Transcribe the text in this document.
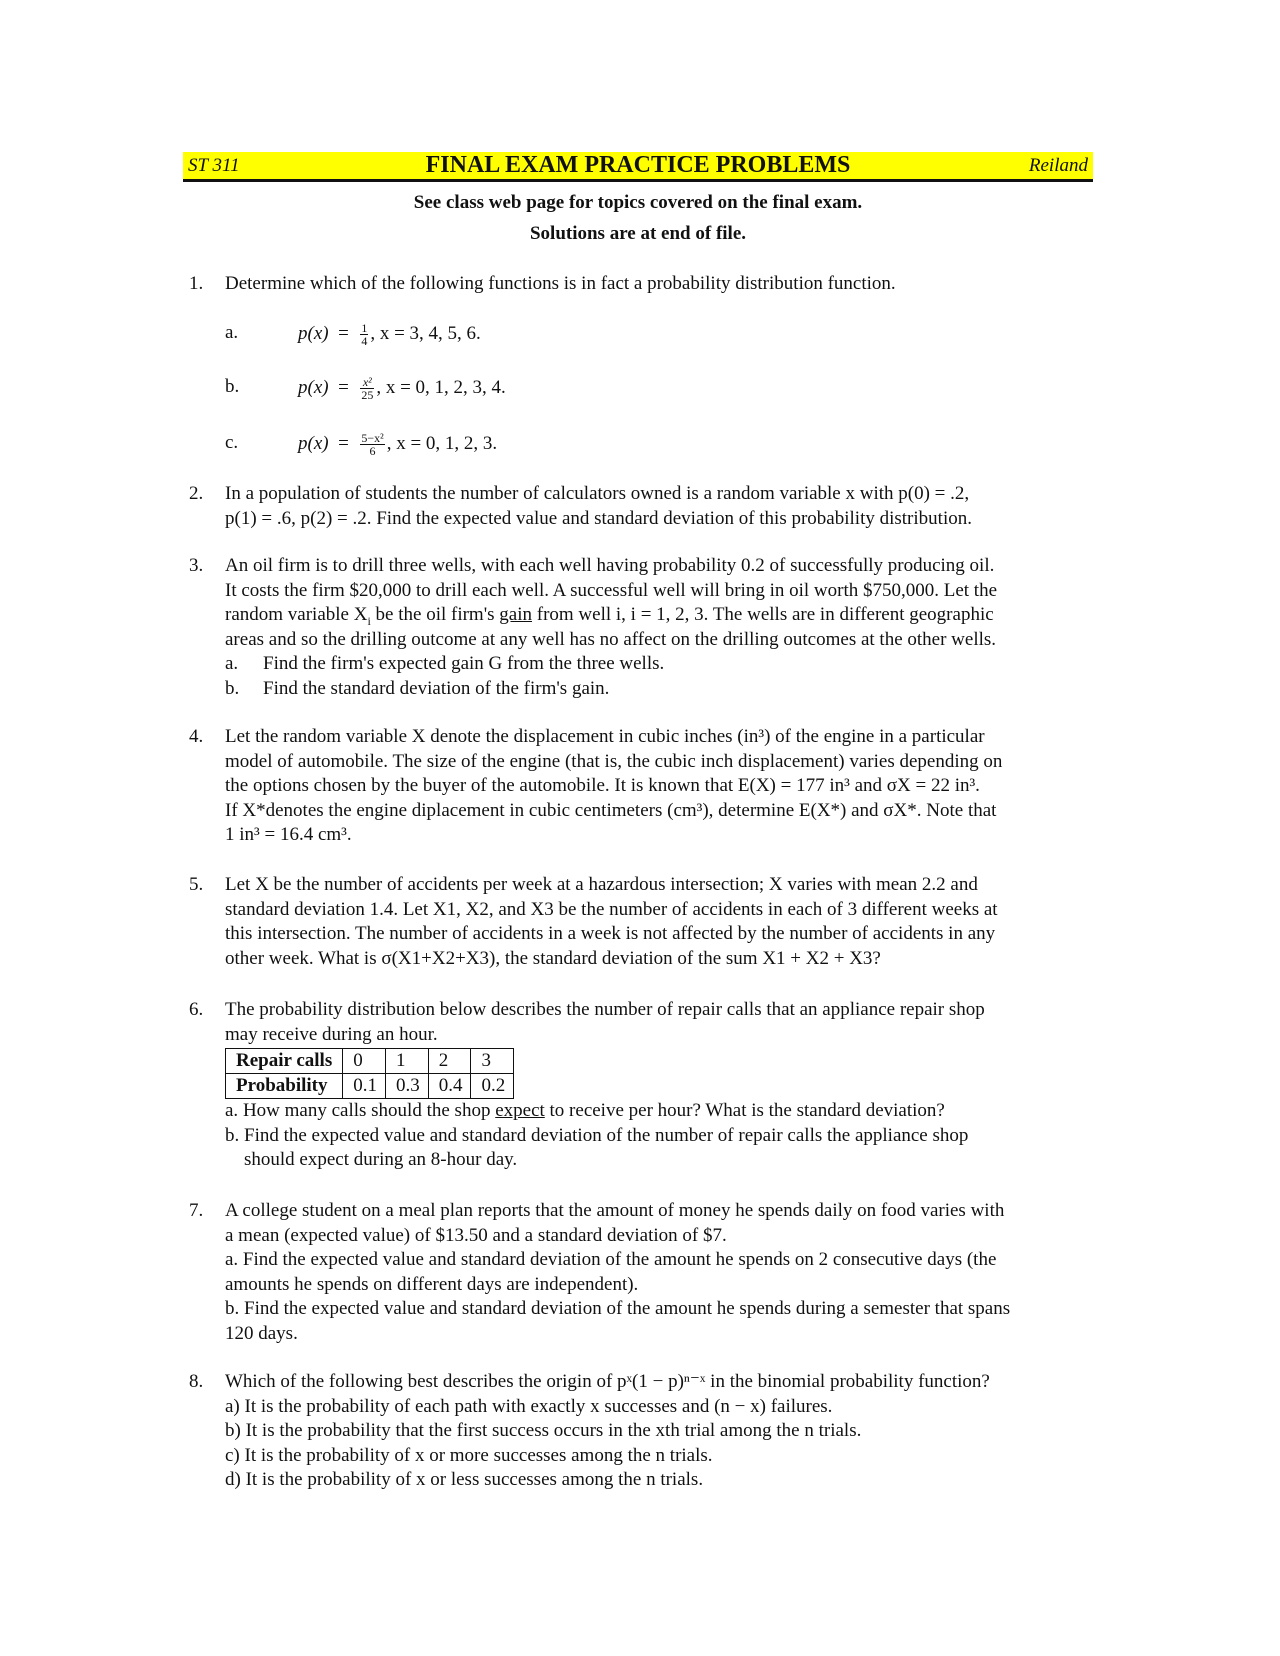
ST 311	FINAL EXAM PRACTICE PROBLEMS	Reiland
See class web page for topics covered on the final exam.
Solutions are at end of file.
1. Determine which of the following functions is in fact a probability distribution function.
a.	$p(x) = \frac{1}{4}$ , x = 3, 4, 5, 6.
b.	$p(x) = \frac{\text{x²}}{25}$ , x = 0, 1, 2, 3, 4.
c.	$p(x) = \frac{\text{5−x²}}{6}$ , x = 0, 1, 2, 3.
2. In a population of students the number of calculators owned is a random variable x with p(0) = .2,
p(1) = .6, p(2) = .2. Find the expected value and standard deviation of this probability distribution.
3. An oil firm is to drill three wells, with each well having probability 0.2 of successfully producing oil.
It costs the firm $20,000 to drill each well. A successful well will bring in oil worth $750,000. Let the
random variable $X_i$ be the oil firm's gain from well i, i = 1, 2, 3. The wells are in different geographic
areas and so the drilling outcome at any well has no affect on the drilling outcomes at the other wells.
a. Find the firm's expected gain G from the three wells.
b. Find the standard deviation of the firm's gain.
4. Let the random variable X denote the displacement in cubic inches (in³) of the engine in a particular
model of automobile. The size of the engine (that is, the cubic inch displacement) varies depending on
the options chosen by the buyer of the automobile. It is known that E(X) = 177 in³ and σX = 22 in³.
If X*denotes the engine diplacement in cubic centimeters (cm³), determine E(X*) and σX*. Note that
1 in³ = 16.4 cm³.
5. Let X be the number of accidents per week at a hazardous intersection; X varies with mean 2.2 and
standard deviation 1.4. Let X1, X2, and X3 be the number of accidents in each of 3 different weeks at
this intersection. The number of accidents in a week is not affected by the number of accidents in any
other week. What is σ(X1+X2+X3), the standard deviation of the sum X1 + X2 + X3?
6. The probability distribution below describes the number of repair calls that an appliance repair shop
may receive during an hour.
Repair calls	0	1	2	3
Probability	0.1	0.3	0.4	0.2
a. How many calls should the shop expect to receive per hour? What is the standard deviation?
b. Find the expected value and standard deviation of the number of repair calls the appliance shop
should expect during an 8-hour day.
7. A college student on a meal plan reports that the amount of money he spends daily on food varies with
a mean (expected value) of $13.50 and a standard deviation of $7.
a. Find the expected value and standard deviation of the amount he spends on 2 consecutive days (the
amounts he spends on different days are independent).
b. Find the expected value and standard deviation of the amount he spends during a semester that spans
120 days.
8. Which of the following best describes the origin of pˣ(1 − p)ⁿ⁻ˣ in the binomial probability function?
a) It is the probability of each path with exactly x successes and (n − x) failures.
b) It is the probability that the first success occurs in the xth trial among the n trials.
c) It is the probability of x or more successes among the n trials.
d) It is the probability of x or less successes among the n trials.
